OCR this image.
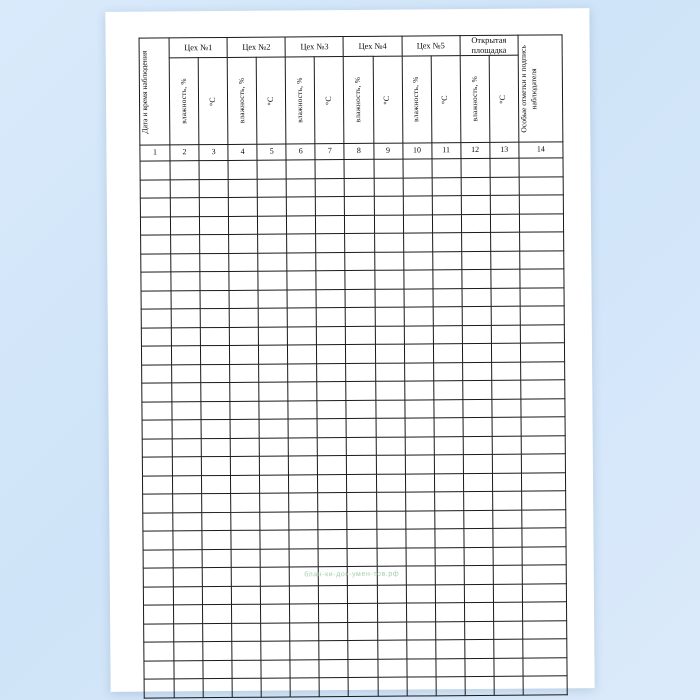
Дата и время наблюдения	Цех №1		Цех №2		Цех №3		Цех №4		Цех №5		Открытая площадка		Особые отметки и подпись наблюдателя

	влажность, %	°C	влажность, %	°C	влажность, %	°C	влажность, %	°C	влажность, %	°C	влажность, %	°C	

1	2	3	4	5	6	7	8	9	10	11	12	13	14

блан-ки-док-умен-тов.рф
